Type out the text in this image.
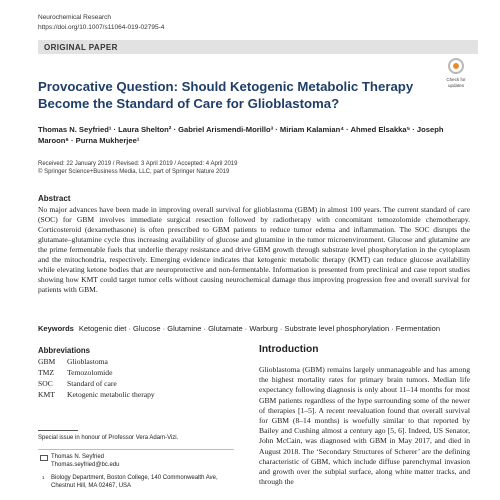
Neurochemical Research
https://doi.org/10.1007/s11064-019-02795-4
ORIGINAL PAPER
Check for
updates
Provocative Question: Should Ketogenic Metabolic Therapy Become the Standard of Care for Glioblastoma?
Thomas N. Seyfried¹ · Laura Shelton² · Gabriel Arismendi-Morillo³ · Miriam Kalamian⁴ · Ahmed Elsakka⁵ · Joseph Maroon⁶ · Purna Mukherjee¹
Received: 22 January 2019 / Revised: 3 April 2019 / Accepted: 4 April 2019
© Springer Science+Business Media, LLC, part of Springer Nature 2019
Abstract
No major advances have been made in improving overall survival for glioblastoma (GBM) in almost 100 years. The current standard of care (SOC) for GBM involves immediate surgical resection followed by radiotherapy with concomitant temozolomide chemotherapy. Corticosteroid (dexamethasone) is often prescribed to GBM patients to reduce tumor edema and inflammation. The SOC disrupts the glutamate–glutamine cycle thus increasing availability of glucose and glutamine in the tumor microenvironment. Glucose and glutamine are the prime fermentable fuels that underlie therapy resistance and drive GBM growth through substrate level phosphorylation in the cytoplasm and the mitochondria, respectively. Emerging evidence indicates that ketogenic metabolic therapy (KMT) can reduce glucose availability while elevating ketone bodies that are neuroprotective and non-fermentable. Information is presented from preclinical and case report studies showing how KMT could target tumor cells without causing neurochemical damage thus improving progression free and overall survival for patients with GBM.
Keywords Ketogenic diet · Glucose · Glutamine · Glutamate · Warburg · Substrate level phosphorylation · Fermentation
Abbreviations
GBM Glioblastoma
TMZ Temozolomide
SOC Standard of care
KMT Ketogenic metabolic therapy
Introduction
Glioblastoma (GBM) remains largely unmanageable and has among the highest mortality rates for primary brain tumors. Median life expectancy following diagnosis is only about 11–14 months for most GBM patients regardless of the hype surrounding some of the newer of therapies [1–5]. A recent reevaluation found that overall survival for GBM (8–14 months) is woefully similar to that reported by Bailey and Cushing almost a century ago [5, 6]. Indeed, US Senator, John McCain, was diagnosed with GBM in May 2017, and died in August 2018. The ‘Secondary Structures of Scherer’ are the defining characteristic of GBM, which include diffuse parenchymal invasion and growth over the subpial surface, along white matter tracks, and through the
Special issue in honour of Professor Vera Adam-Vizi.
Thomas N. Seyfried
Thomas.seyfried@bc.edu
1 Biology Department, Boston College, 140 Commonwealth Ave, Chestnut Hill, MA 02467, USA
